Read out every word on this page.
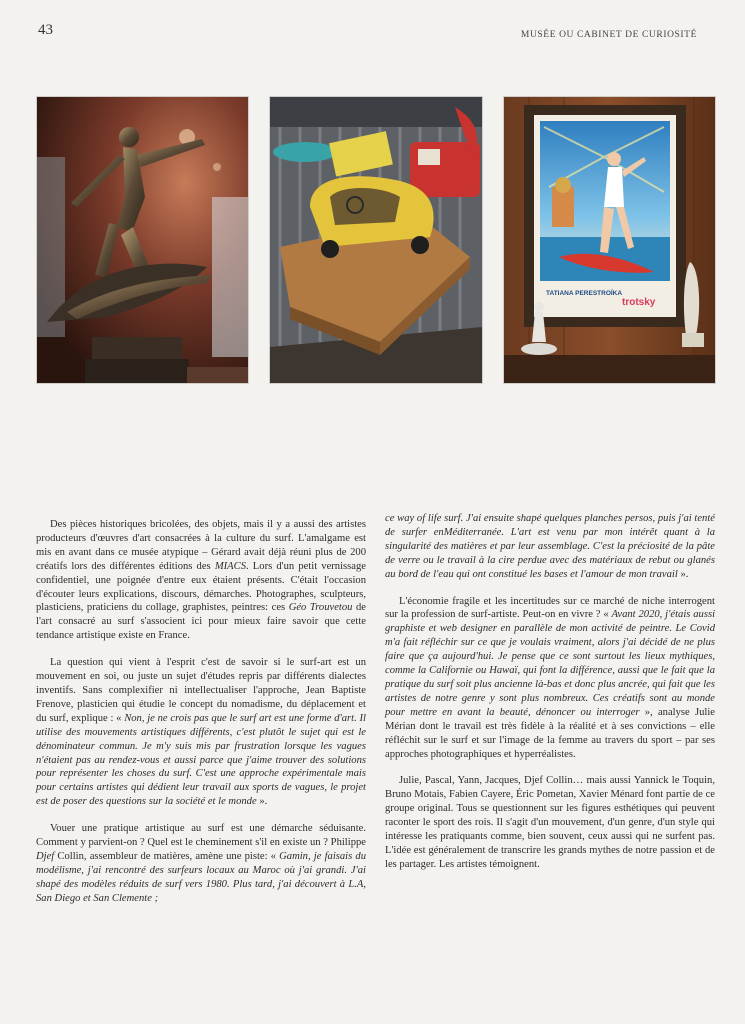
43	MUSÉE OU CABINET DE CURIOSITÉ
TATIANA PERESTROÏKA
trotsky

Des pièces historiques bricolées, des objets, mais il y a aussi des artistes producteurs d'œuvres d'art consacrées à la culture du surf. L'amalgame est mis en avant dans ce musée atypique – Gérard avait déjà réuni plus de 200 créatifs lors des différentes éditions des MIACS. Lors d'un petit vernissage confidentiel, une poignée d'entre eux étaient présents. C'était l'occasion d'écouter leurs explications, discours, démarches. Photographes, sculpteurs, plasticiens, praticiens du collage, graphistes, peintres: ces Géo Trouvetou de l'art consacré au surf s'associent ici pour mieux faire savoir que cette tendance artistique existe en France.

La question qui vient à l'esprit c'est de savoir si le surf-art est un mouvement en soi, ou juste un sujet d'études repris par différents dialectes inventifs. Sans complexifier ni intellectualiser l'approche, Jean Baptiste Frenove, plasticien qui étudie le concept du nomadisme, du déplacement et du surf, explique : « Non, je ne crois pas que le surf art est une forme d'art. Il utilise des mouvements artistiques différents, c'est plutôt le sujet qui est le dénominateur commun. Je m'y suis mis par frustration lorsque les vagues n'étaient pas au rendez-vous et aussi parce que j'aime trouver des solutions pour représenter les choses du surf. C'est une approche expérimentale mais pour certains artistes qui dédient leur travail aux sports de vagues, le projet est de poser des questions sur la société et le monde ».

Vouer une pratique artistique au surf est une démarche séduisante. Comment y parvient-on ? Quel est le cheminement s'il en existe un ? Philippe Djef Collin, assembleur de matières, amène une piste: « Gamin, je faisais du modélisme, j'ai rencontré des surfeurs locaux au Maroc où j'ai grandi. J'ai shapé des modèles réduits de surf vers 1980. Plus tard, j'ai découvert à L.A, San Diego et San Clemente ;

ce way of life surf. J'ai ensuite shapé quelques planches persos, puis j'ai tenté de surfer enMéditerranée. L'art est venu par mon intérêt quant à la singularité des matières et par leur assemblage. C'est la préciosité de la pâte de verre ou le travail à la cire perdue avec des matériaux de rebut ou glanés au bord de l'eau qui ont constitué les bases et l'amour de mon travail ».

L'économie fragile et les incertitudes sur ce marché de niche interrogent sur la profession de surf-artiste. Peut-on en vivre ? « Avant 2020, j'étais aussi graphiste et web designer en parallèle de mon activité de peintre. Le Covid m'a fait réfléchir sur ce que je voulais vraiment, alors j'ai décidé de ne plus faire que ça aujourd'hui. Je pense que ce sont surtout les lieux mythiques, comme la Californie ou Hawaï, qui font la différence, aussi que le fait que la pratique du surf soit plus ancienne là-bas et donc plus ancrée, qui fait que les artistes de notre genre y sont plus nombreux. Ces créatifs sont au monde pour mettre en avant la beauté, dénoncer ou interroger », analyse Julie Mérian dont le travail est très fidèle à la réalité et à ses convictions – elle réfléchit sur le surf et sur l'image de la femme au travers du sport – par ses approches photographiques et hyperréalistes.

Julie, Pascal, Yann, Jacques, Djef Collin… mais aussi Yannick le Toquin, Bruno Motais, Fabien Cayere, Éric Pometan, Xavier Ménard font partie de ce groupe original. Tous se questionnent sur les figures esthétiques qui peuvent raconter le sport des rois. Il s'agit d'un mouvement, d'un genre, d'un style qui intéresse les pratiquants comme, bien souvent, ceux aussi qui ne surfent pas. L'idée est généralement de transcrire les grands mythes de notre passion et de les partager. Les artistes témoignent.
